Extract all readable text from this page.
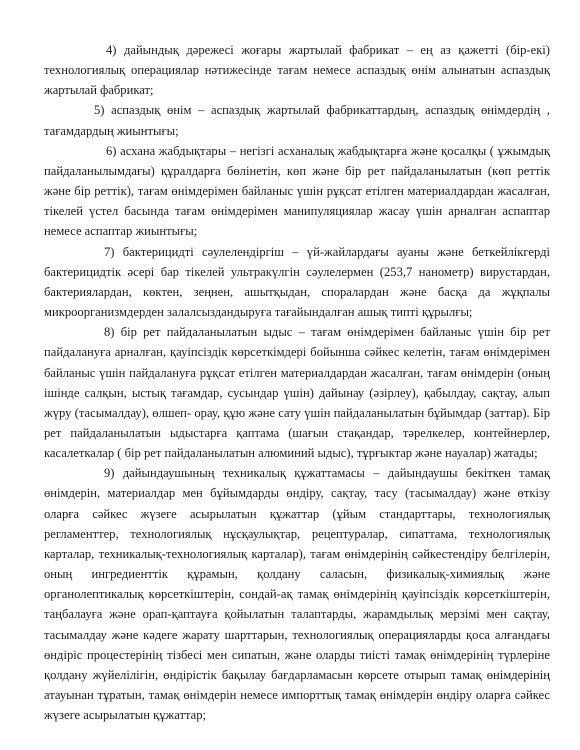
4) дайындық дәрежесі жоғары жартылай фабрикат – ең аз қажетті (бір-екі) технологиялық операциялар нәтижесінде тағам немесе аспаздық өнім алынатын аспаздық жартылай фабрикат;

5) аспаздық өнім – аспаздық жартылай фабрикаттардың, аспаздық өнімдердің , тағамдардың жиынтығы;

6) асхана жабдықтары – негізгі асханалық жабдықтарға және қосалқы ( ұжымдық пайдаланылымдағы) құралдарға бөлінетін, көп және бір рет пайдаланылатын (көп реттік және бір реттік), тағам өнімдерімен байланыс үшін рұқсат етілген материалдардан жасалған, тікелей үстел басында тағам өнімдерімен манипуляциялар жасау үшін арналған аспаптар немесе аспаптар жиынтығы;

7) бактерицидті сәулелендіргіш – үй-жайлардағы ауаны және беткейлікгерді бактерицидтік әсері бар тікелей ультракүлгін сәулелермен (253,7 нанометр) вирустардан, бактериялардан, көктен, зеңнен, ашытқыдан, споралардан және басқа да жұқпалы микроорганизмдерден залалсыздандыруға тағайындалған ашық типті құрылғы;

8) бір рет пайдаланылатын ыдыс – тағам өнімдерімен байланыс үшін бір рет пайдалануға арналған, қауіпсіздік көрсеткімдері бойынша сәйкес келетін, тағам өнімдерімен байланыс үшін пайдалануға рұқсат етілген материалдардан жасалған, тағам өнімдерін (оның ішінде салқын, ыстық тағамдар, сусындар үшін) дайынау (әзірлеу), қабылдау, сақтау, алып жүру (тасымалдау), өлшеп- орау, құю және сату үшін пайдаланылатын бұйымдар (заттар). Бір рет пайдаланылатын ыдыстарға қаптама (шағын стақандар, тәрелкелер, контейнерлер, касалеткалар ( бір рет пайдаланылатын алюминий ыдыс), тұрғыктар және науалар) жатады;

9) дайындаушының техникалық құжаттамасы – дайындаушы бекіткен тамақ өнімдерін, материалдар мен бұйымдарды өндіру, сақтау, тасу (тасымалдау) және өткізу оларға сәйкес жүзеге асырылатын құжаттар (ұйым стандарттары, технологиялық регламенттер, технологиялық нұсқаулықтар, рецептуралар, сипаттама, технологиялық карталар, техникалық-технологиялық карталар), тағам өнімдерінің сәйкестендіру белгілерін, оның ингредиенттік құрамын, қолдану саласын, физикалық-химиялық және органолептикалық көрсеткіштерін, сондай-ақ тамақ өнімдерінің қауіпсіздік көрсеткіштерін, таңбалауға және орап-қаптауға қойылатын талаптарды, жарамдылық мерзімі мен сақтау, тасымалдау және кәдеге жарату шарттарын, технологиялық операцияларды қоса алғандағы өндіріс процестерінің тізбесі мен сипатын, және оларды тиісті тамақ өнімдерінің түрлеріне қолдану жүйелілігін, өндірістік бақылау бағдарламасын көрсете отырып тамақ өнімдерінің атауынан тұратын, тамақ өнімдерін немесе импорттық тамақ өнімдерін өндіру оларға сәйкес жүзеге асырылатын құжаттар;
